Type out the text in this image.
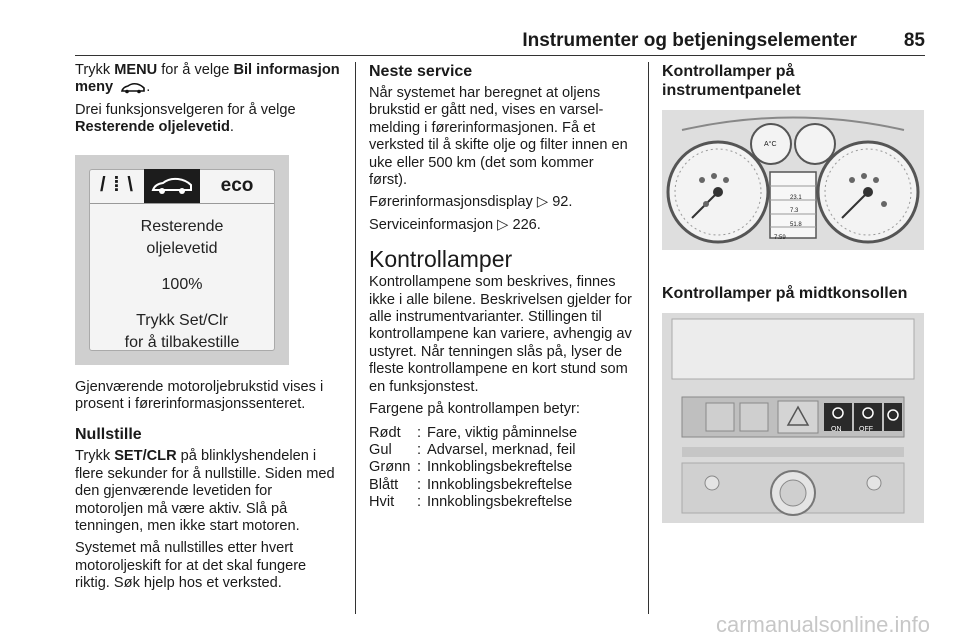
Instrumenter og betjeningselementer 85

Trykk MENU for å velge Bil informasjon meny .

Drei funksjonsvelgeren for å velge Resterende oljelevetid.

/ ⁞ \	eco
Resterende
oljelevetid
100%
Trykk Set/Clr
for å tilbakestille

Gjenværende motoroljebrukstid vises i prosent i førerinformasjonssenteret.

Nullstille

Trykk SET/CLR på blinklyshendelen i flere sekunder for å nullstille. Siden med den gjenværende levetiden for motoroljen må være aktiv. Slå på tenningen, men ikke start motoren.

Systemet må nullstilles etter hvert motoroljeskift for at det skal fungere riktig. Søk hjelp hos et verksted.

Neste service

Når systemet har beregnet at oljens brukstid er gått ned, vises en varsel-melding i førerinformasjonen. Få et verksted til å skifte olje og filter innen en uke eller 500 km (det som kommer først).

Førerinformasjonsdisplay ▷ 92.

Serviceinformasjon ▷ 226.

Kontrollamper

Kontrollampene som beskrives, finnes ikke i alle bilene. Beskrivelsen gjelder for alle instrumentvarianter. Stillingen til kontrollampene kan variere, avhengig av ustyret. Når tenningen slås på, lyser de fleste kontrollampene en kort stund som en funksjonstest.

Fargene på kontrollampen betyr:

Rødt	: Fare, viktig påminnelse
Gul	: Advarsel, merknad, feil
Grønn : Innkoblingsbekreftelse
Blått	: Innkoblingsbekreftelse
Hvit	: Innkoblingsbekreftelse
Kontrollamper på instrumentpanelet
A°C
23.1
7.3
51.8
7:59
Kontrollamper på midtkonsollen
ON	OFF
carmanualsonline.info
